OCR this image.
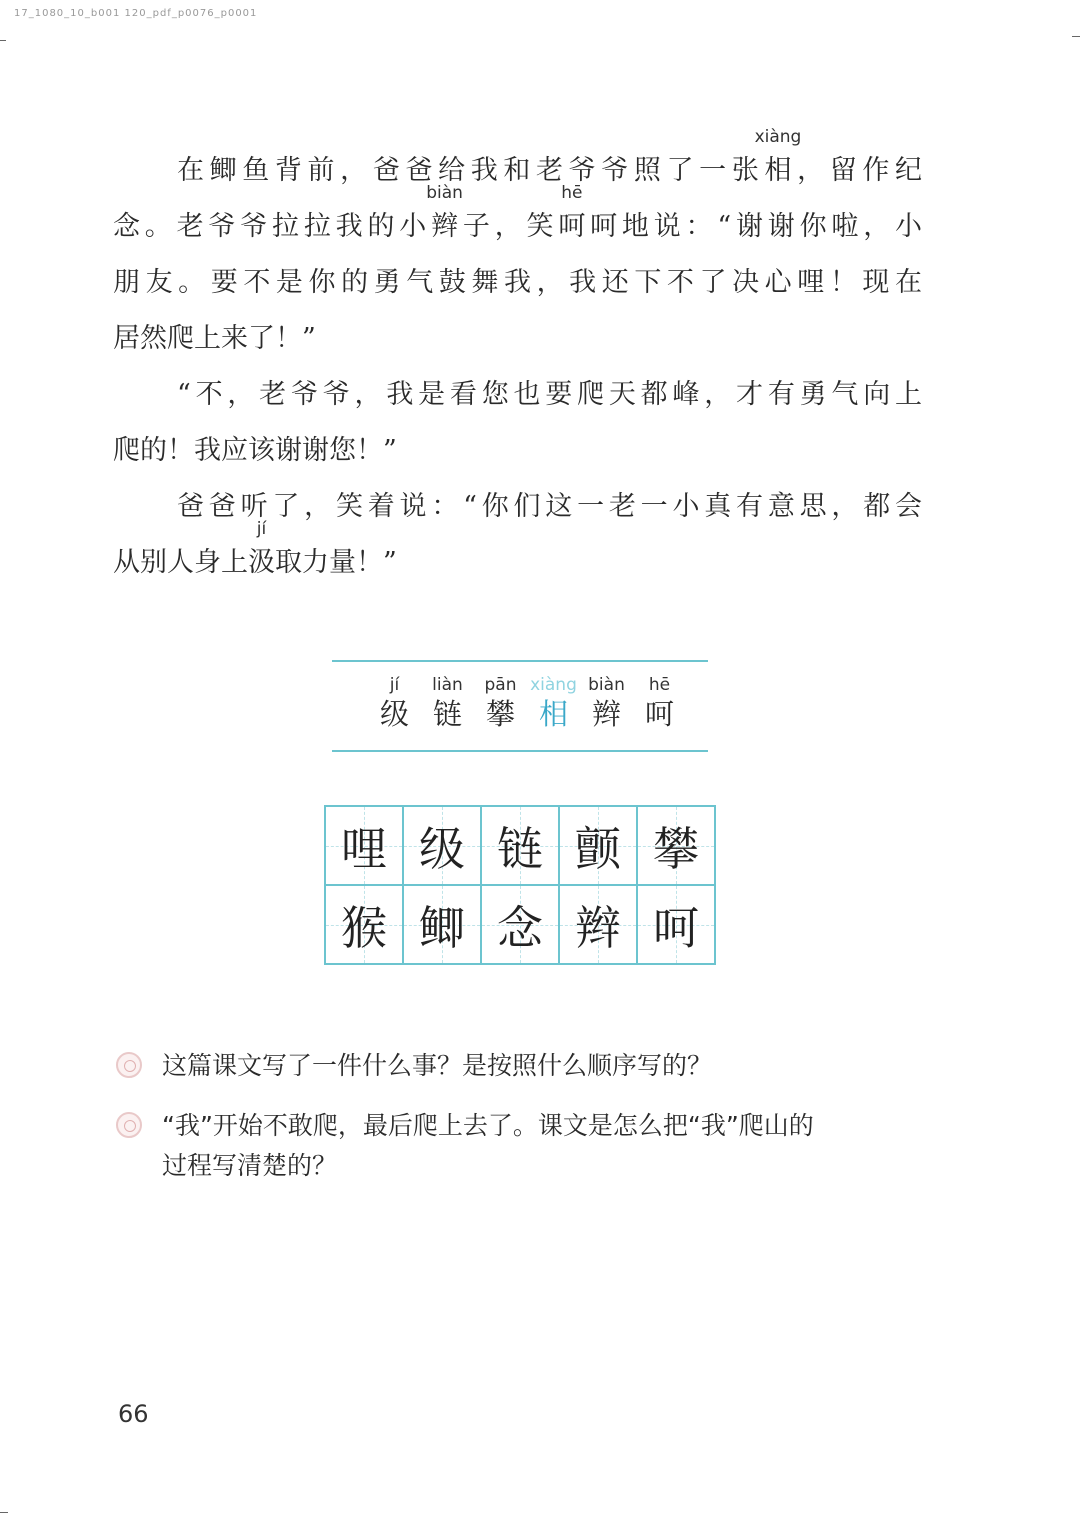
17_1080_10_b001 120_pdf_p0076_p0001
在鲫鱼背前，爸爸给我和老爷爷照了一张
xiàng
相，留作纪
念。老爷爷拉拉我的小
biàn
辫子，笑
hē
呵呵地说：“谢谢你啦，小
朋友。要不是你的勇气鼓舞我，我还下不了决心哩！现在
居然爬上来了！”
“不，老爷爷，我是看您也要爬天都峰，才有勇气向上
爬的！我应该谢谢您！”
爸爸听了，笑着说：“你们这一老一小真有意思，都会
从别人身上
jí
汲取力量！”
jí
级
liàn
链
pān
攀
xiàng
相
biàn
辫
hē
呵
哩 级 链 颤 攀
猴 鲫 念 辫 呵
这篇课文写了一件什么事？是按照什么顺序写的？
“我”开始不敢爬，最后爬上去了。课文是怎么把“我”爬山的
过程写清楚的？
66
